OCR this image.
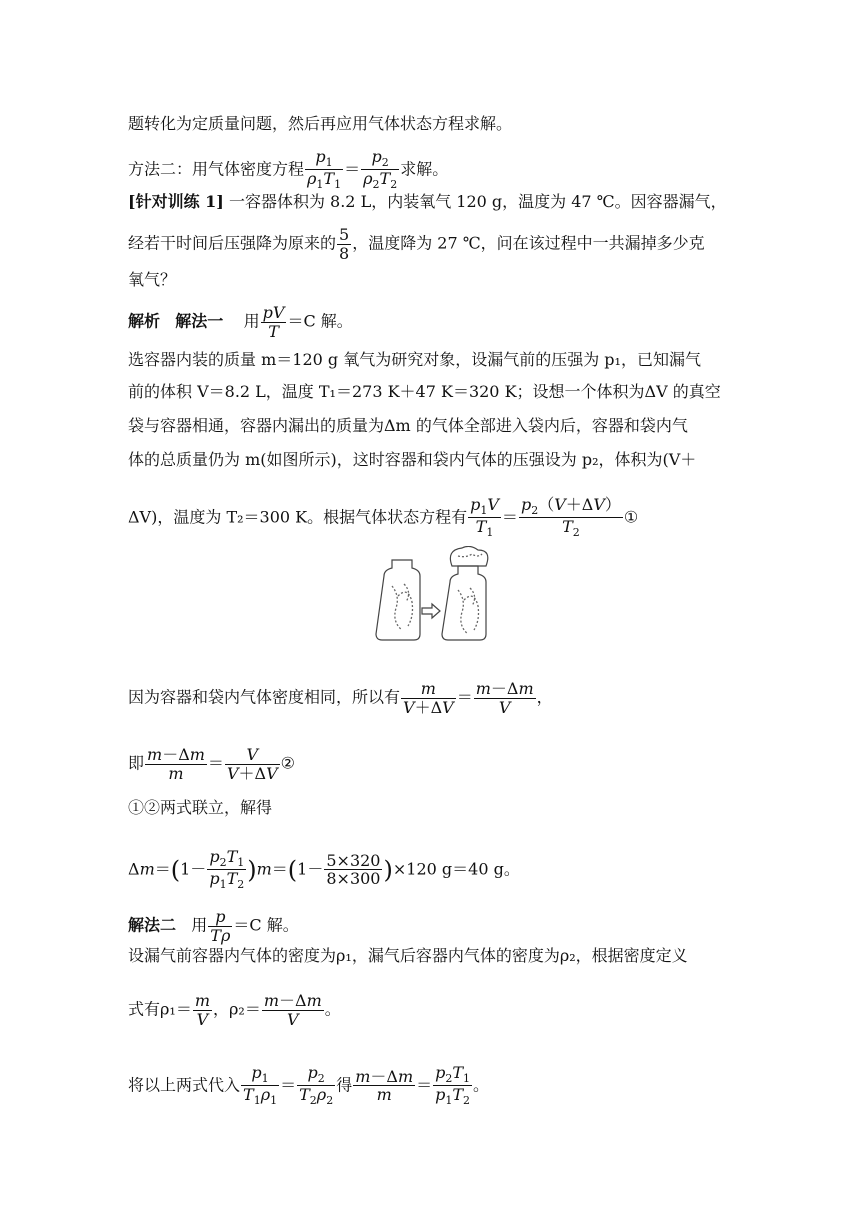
题转化为定质量问题，然后再应用气体状态方程求解。
方法二：用气体密度方程 $\frac{p_1}{\rho_1T_1} = \frac{p_2}{\rho_2T_2}$ 求解。
[针对训练 1] 一容器体积为 8.2 L，内装氧气 120 g，温度为 47 ℃。因容器漏气，
经若干时间后压强降为原来的 $\frac{5}{8}$ ，温度降为 27 ℃，问在该过程中一共漏掉多少克
氧气？
解析 解法一 用 $\frac{pV}{T} =C$ 解。
选容器内装的质量 m＝120 g 氧气为研究对象，设漏气前的压强为 p₁，已知漏气
前的体积 V＝8.2 L，温度 T₁＝273 K＋47 K＝320 K；设想一个体积为ΔV 的真空
袋与容器相通，容器内漏出的质量为Δm 的气体全部进入袋内后，容器和袋内气
体的总质量仍为 m(如图所示)，这时容器和袋内气体的压强设为 p₂，体积为(V＋
ΔV)，温度为 T₂＝300 K。根据气体状态方程有 $\frac{p_1V}{T_1} = \frac{p_2(V+\Delta V)}{T_2}$ ①
因为容器和袋内气体密度相同，所以有 $\frac{m}{V+\Delta V} = \frac{m-\Delta m}{V}$ ，
即 $\frac{m-\Delta m}{m} = \frac{V}{V+\Delta V}$ ②
①②两式联立，解得
$\Delta m=(1- \frac{p_2T_1}{p_1T_2} )m=(1- \frac{5\times 320}{8\times 300} )\times 120$ g＝40 g。
解法二 用 $\frac{p}{T\rho} =C$ 解。
设漏气前容器内气体的密度为ρ₁，漏气后容器内气体的密度为ρ₂，根据密度定义
式有$\rho_1= \frac{m}{V}$ ，$\rho_2= \frac{m-\Delta m}{V}$ 。
将以上两式代入 $\frac{p_1}{T_1\rho_1} = \frac{p_2}{T_2\rho_2}$ 得 $\frac{m-\Delta m}{m} = \frac{p_2T_1}{p_1T_2}$ 。
